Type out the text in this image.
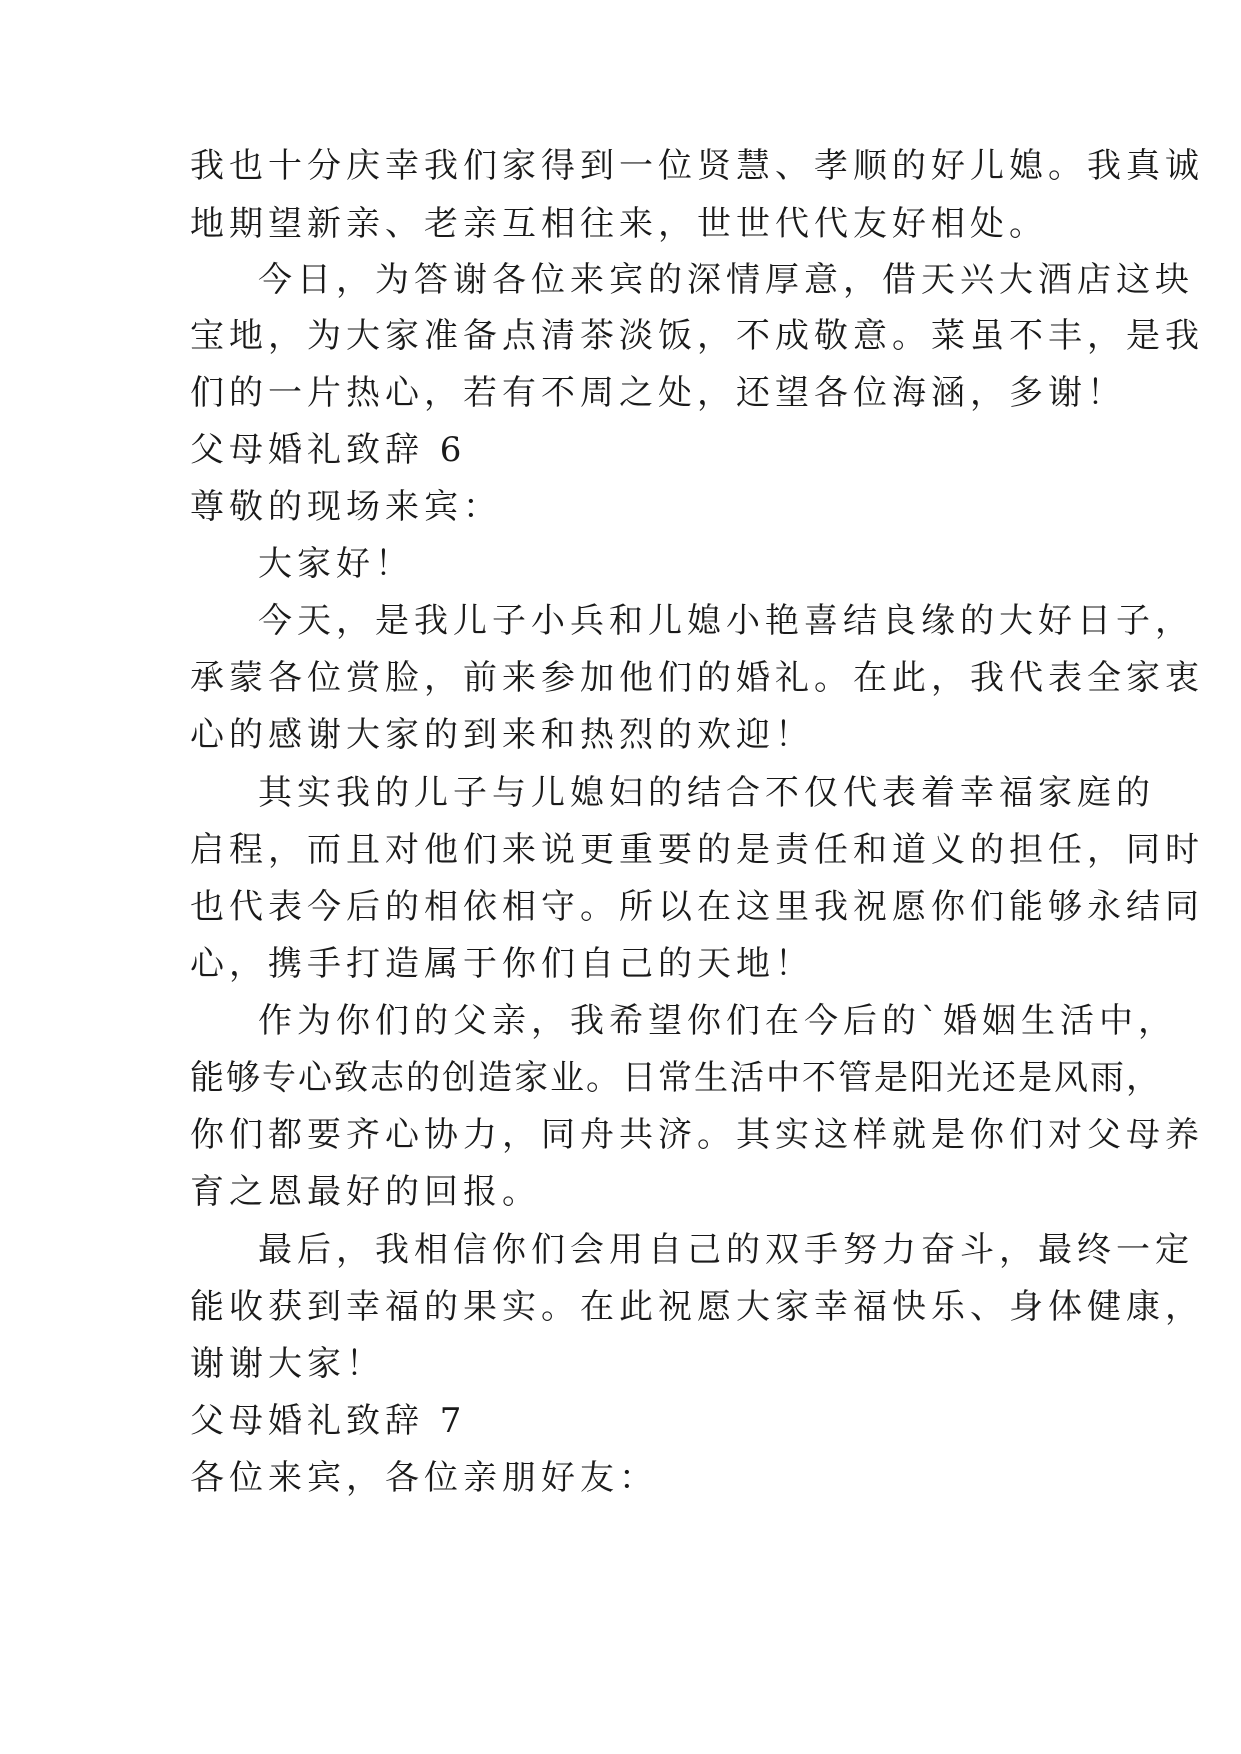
我也十分庆幸我们家得到一位贤慧、孝顺的好儿媳。我真诚
地期望新亲、老亲互相往来，世世代代友好相处。
今日，为答谢各位来宾的深情厚意，借天兴大酒店这块
宝地，为大家准备点清茶淡饭，不成敬意。菜虽不丰，是我
们的一片热心，若有不周之处，还望各位海涵，多谢！
父母婚礼致辞 6
尊敬的现场来宾：
大家好！
今天，是我儿子小兵和儿媳小艳喜结良缘的大好日子，
承蒙各位赏脸，前来参加他们的婚礼。在此，我代表全家衷
心的感谢大家的到来和热烈的欢迎！
其实我的儿子与儿媳妇的结合不仅代表着幸福家庭的
启程，而且对他们来说更重要的是责任和道义的担任，同时
也代表今后的相依相守。所以在这里我祝愿你们能够永结同
心，携手打造属于你们自己的天地！
作为你们的父亲，我希望你们在今后的`婚姻生活中，
能够专心致志的创造家业。日常生活中不管是阳光还是风雨，
你们都要齐心协力，同舟共济。其实这样就是你们对父母养
育之恩最好的回报。
最后，我相信你们会用自己的双手努力奋斗，最终一定
能收获到幸福的果实。在此祝愿大家幸福快乐、身体健康，
谢谢大家！
父母婚礼致辞 7
各位来宾，各位亲朋好友：
